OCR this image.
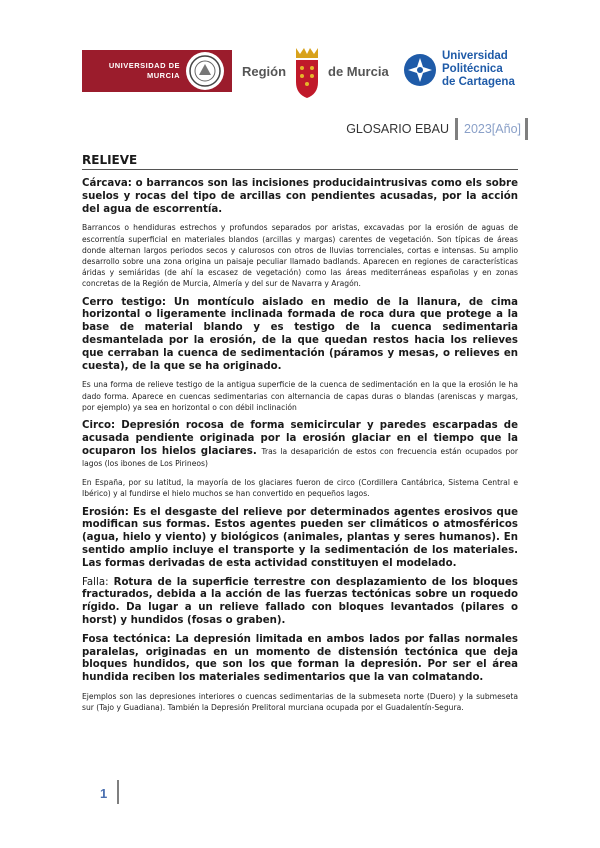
UNIVERSIDAD DE
MURCIA	Región	de Murcia
Universidad
Politécnica
de Cartagena
GLOSARIO EBAU	2023[Año]
RELIEVE

Cárcava: o barrancos son las incisiones producidaintrusivas como els sobre suelos y rocas del tipo de arcillas con pendientes acusadas, por la acción del agua de escorrentía.

Barrancos o hendiduras estrechos y profundos separados por aristas, excavadas por la erosión de aguas de escorrentía superficial en materiales blandos (arcillas y margas) carentes de vegetación. Son típicas de áreas donde alternan largos periodos secos y calurosos con otros de lluvias torrenciales, cortas e intensas. Su amplio desarrollo sobre una zona origina un paisaje peculiar llamado badlands. Aparecen en regiones de características áridas y semiáridas (de ahí la escasez de vegetación) como las áreas mediterráneas españolas y en zonas concretas de la Región de Murcia, Almería y del sur de Navarra y Aragón.

Cerro testigo: Un montículo aislado en medio de la llanura, de cima horizontal o ligeramente inclinada formada de roca dura que protege a la base de material blando y es testigo de la cuenca sedimentaria desmantelada por la erosión, de la que quedan restos hacia los relieves que cerraban la cuenca de sedimentación (páramos y mesas, o relieves en cuesta), de la que se ha originado.

Es una forma de relieve testigo de la antigua superficie de la cuenca de sedimentación en la que la erosión le ha dado forma. Aparece en cuencas sedimentarias con alternancia de capas duras o blandas (areniscas y margas, por ejemplo) ya sea en horizontal o con débil inclinación

Circo: Depresión rocosa de forma semicircular y paredes escarpadas de acusada pendiente originada por la erosión glaciar en el tiempo que la ocuparon los hielos glaciares. Tras la desaparición de estos con frecuencia están ocupados por lagos (los ibones de Los Pirineos)

En España, por su latitud, la mayoría de los glaciares fueron de circo (Cordillera Cantábrica, Sistema Central e Ibérico) y al fundirse el hielo muchos se han convertido en pequeños lagos.

Erosión: Es el desgaste del relieve por determinados agentes erosivos que modifican sus formas. Estos agentes pueden ser climáticos o atmosféricos (agua, hielo y viento) y biológicos (animales, plantas y seres humanos). En sentido amplio incluye el transporte y la sedimentación de los materiales. Las formas derivadas de esta actividad constituyen el modelado.

Falla: Rotura de la superficie terrestre con desplazamiento de los bloques fracturados, debida a la acción de las fuerzas tectónicas sobre un roquedo rígido. Da lugar a un relieve fallado con bloques levantados (pilares o horst) y hundidos (fosas o graben).

Fosa tectónica: La depresión limitada en ambos lados por fallas normales paralelas, originadas en un momento de distensión tectónica que deja bloques hundidos, que son los que forman la depresión. Por ser el área hundida reciben los materiales sedimentarios que la van colmatando.

Ejemplos son las depresiones interiores o cuencas sedimentarias de la submeseta norte (Duero) y la submeseta sur (Tajo y Guadiana). También la Depresión Prelitoral murciana ocupada por el Guadalentín-Segura.

1
